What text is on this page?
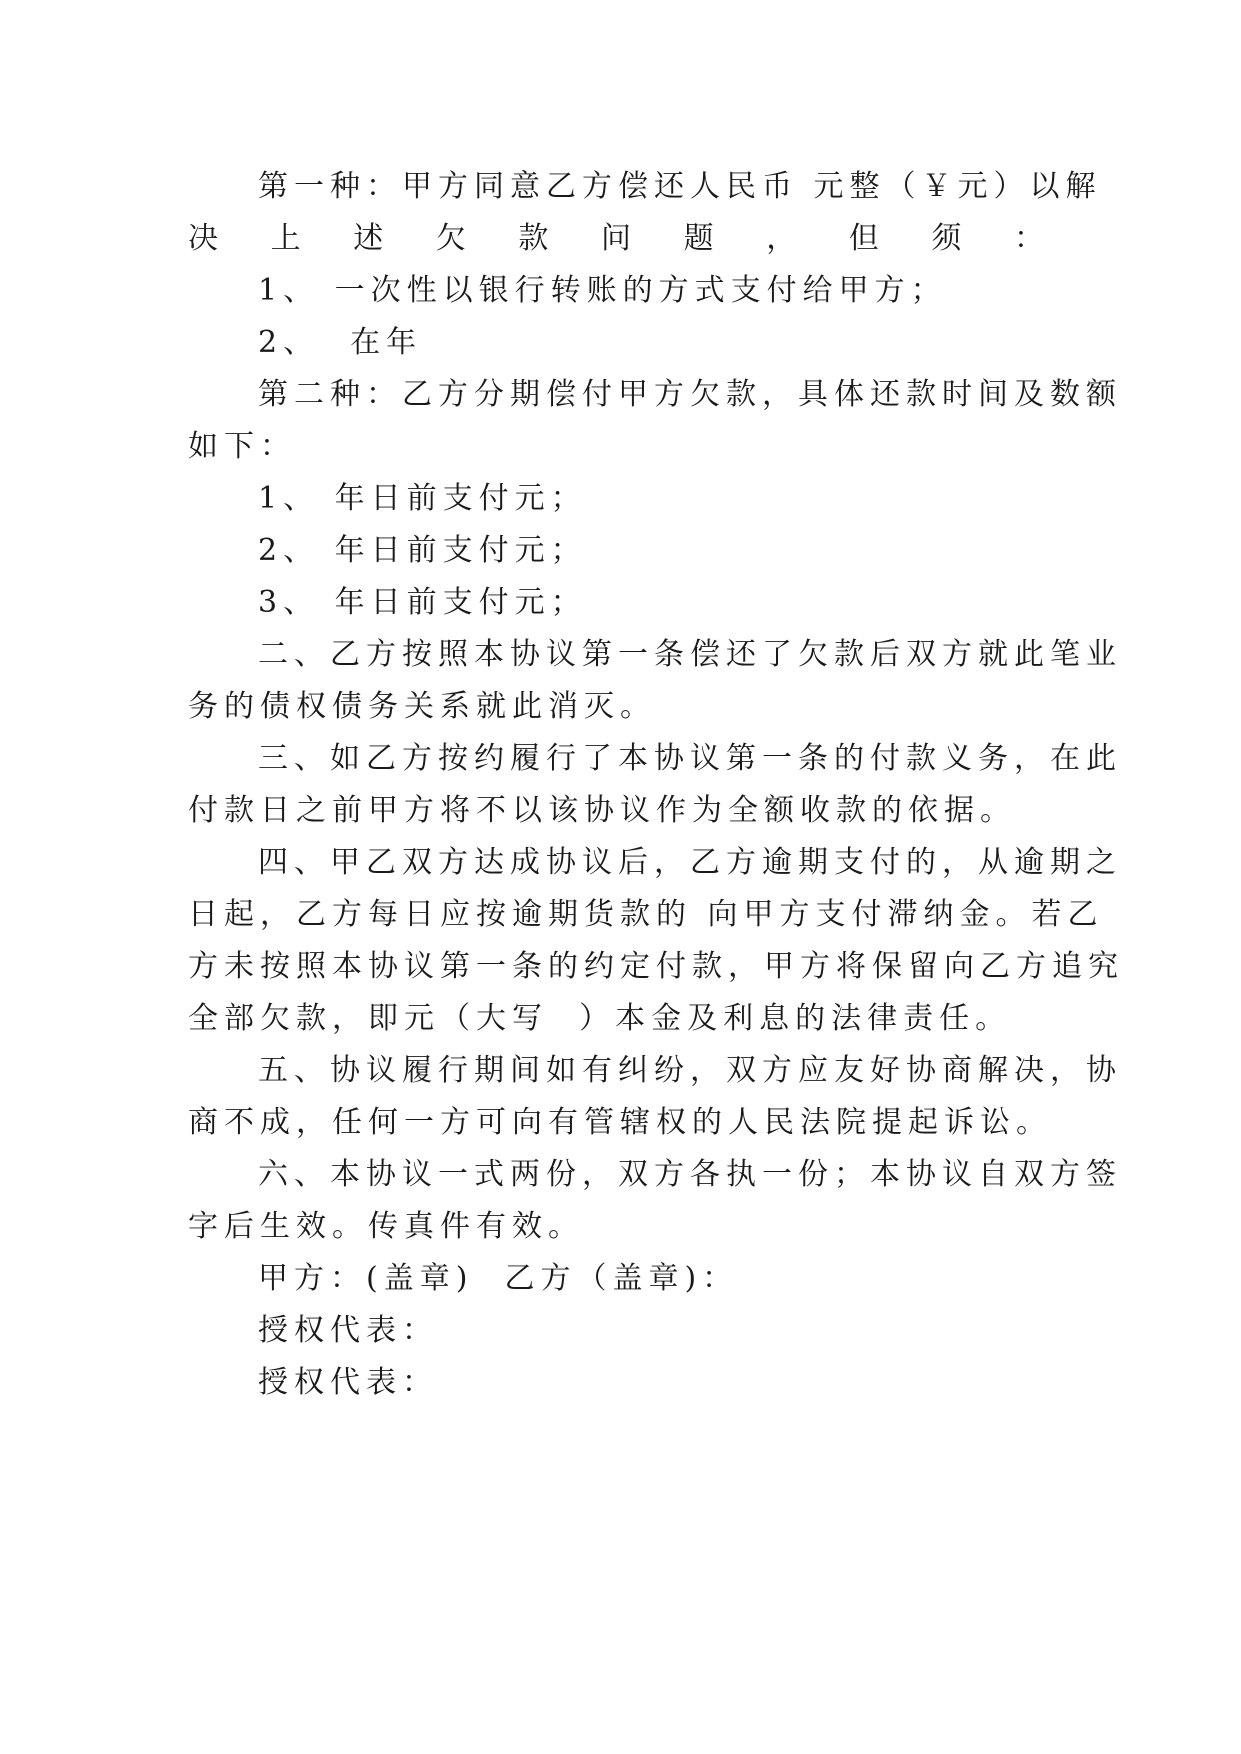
第一种：甲方同意乙方偿还人民币 元整（￥元）以解
决上述欠款问题，但须：
1、 一次性以银行转账的方式支付给甲方；
2、  在年
第二种：乙方分期偿付甲方欠款，具体还款时间及数额
如下：
1、 年日前支付元；
2、 年日前支付元；
3、 年日前支付元；
二、乙方按照本协议第一条偿还了欠款后双方就此笔业
务的债权债务关系就此消灭。
三、如乙方按约履行了本协议第一条的付款义务，在此
付款日之前甲方将不以该协议作为全额收款的依据。
四、甲乙双方达成协议后，乙方逾期支付的，从逾期之
日起，乙方每日应按逾期货款的 向甲方支付滞纳金。若乙
方未按照本协议第一条的约定付款，甲方将保留向乙方追究
全部欠款，即元（大写  ）本金及利息的法律责任。
五、协议履行期间如有纠纷，双方应友好协商解决，协
商不成，任何一方可向有管辖权的人民法院提起诉讼。
六、本协议一式两份，双方各执一份；本协议自双方签
字后生效。传真件有效。
甲方：(盖章)  乙方（盖章)：
授权代表：
授权代表：
